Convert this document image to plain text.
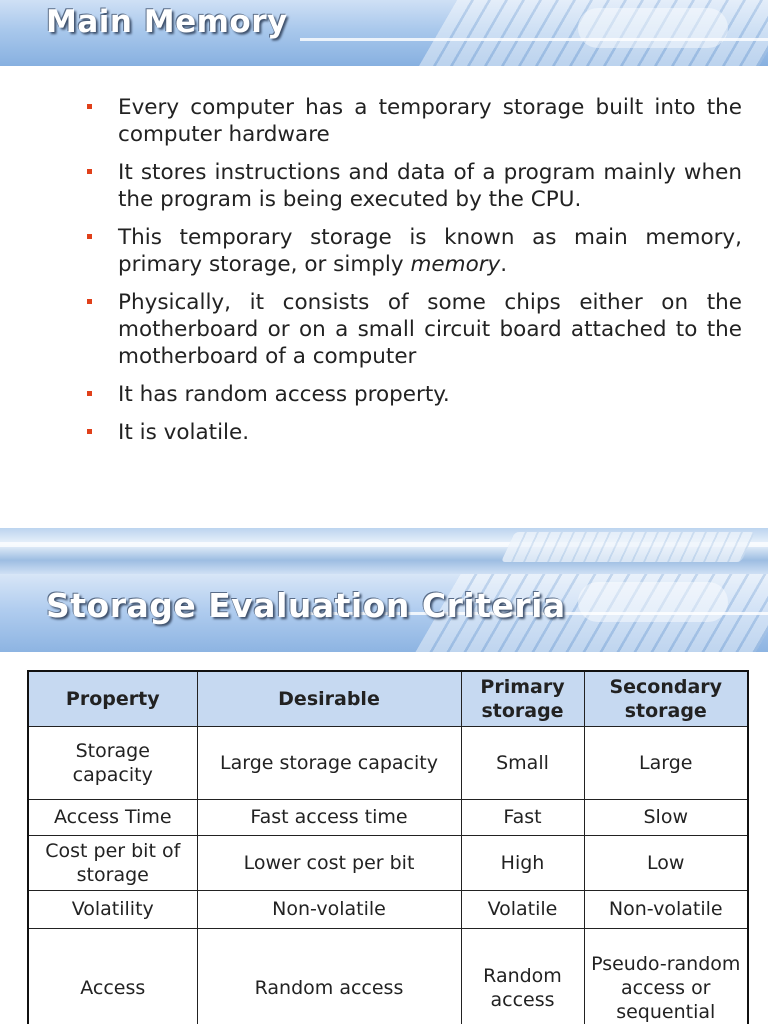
Main Memory
Every computer has a temporary storage built into the computer hardware
It stores instructions and data of a program mainly when the program is being executed by the CPU.
This temporary storage is known as main memory, primary storage, or simply memory.
Physically, it consists of some chips either on the motherboard or on a small circuit board attached to the motherboard of a computer
It has random access property.
It is volatile.
Storage Evaluation Criteria
Property	Desirable	Primary storage	Secondary storage
Storage capacity	Large storage capacity	Small	Large
Access Time	Fast access time	Fast	Slow
Cost per bit of storage	Lower cost per bit	High	Low
Volatility	Non-volatile	Volatile	Non-volatile
Access	Random access	Random access	Pseudo-random access or sequential
